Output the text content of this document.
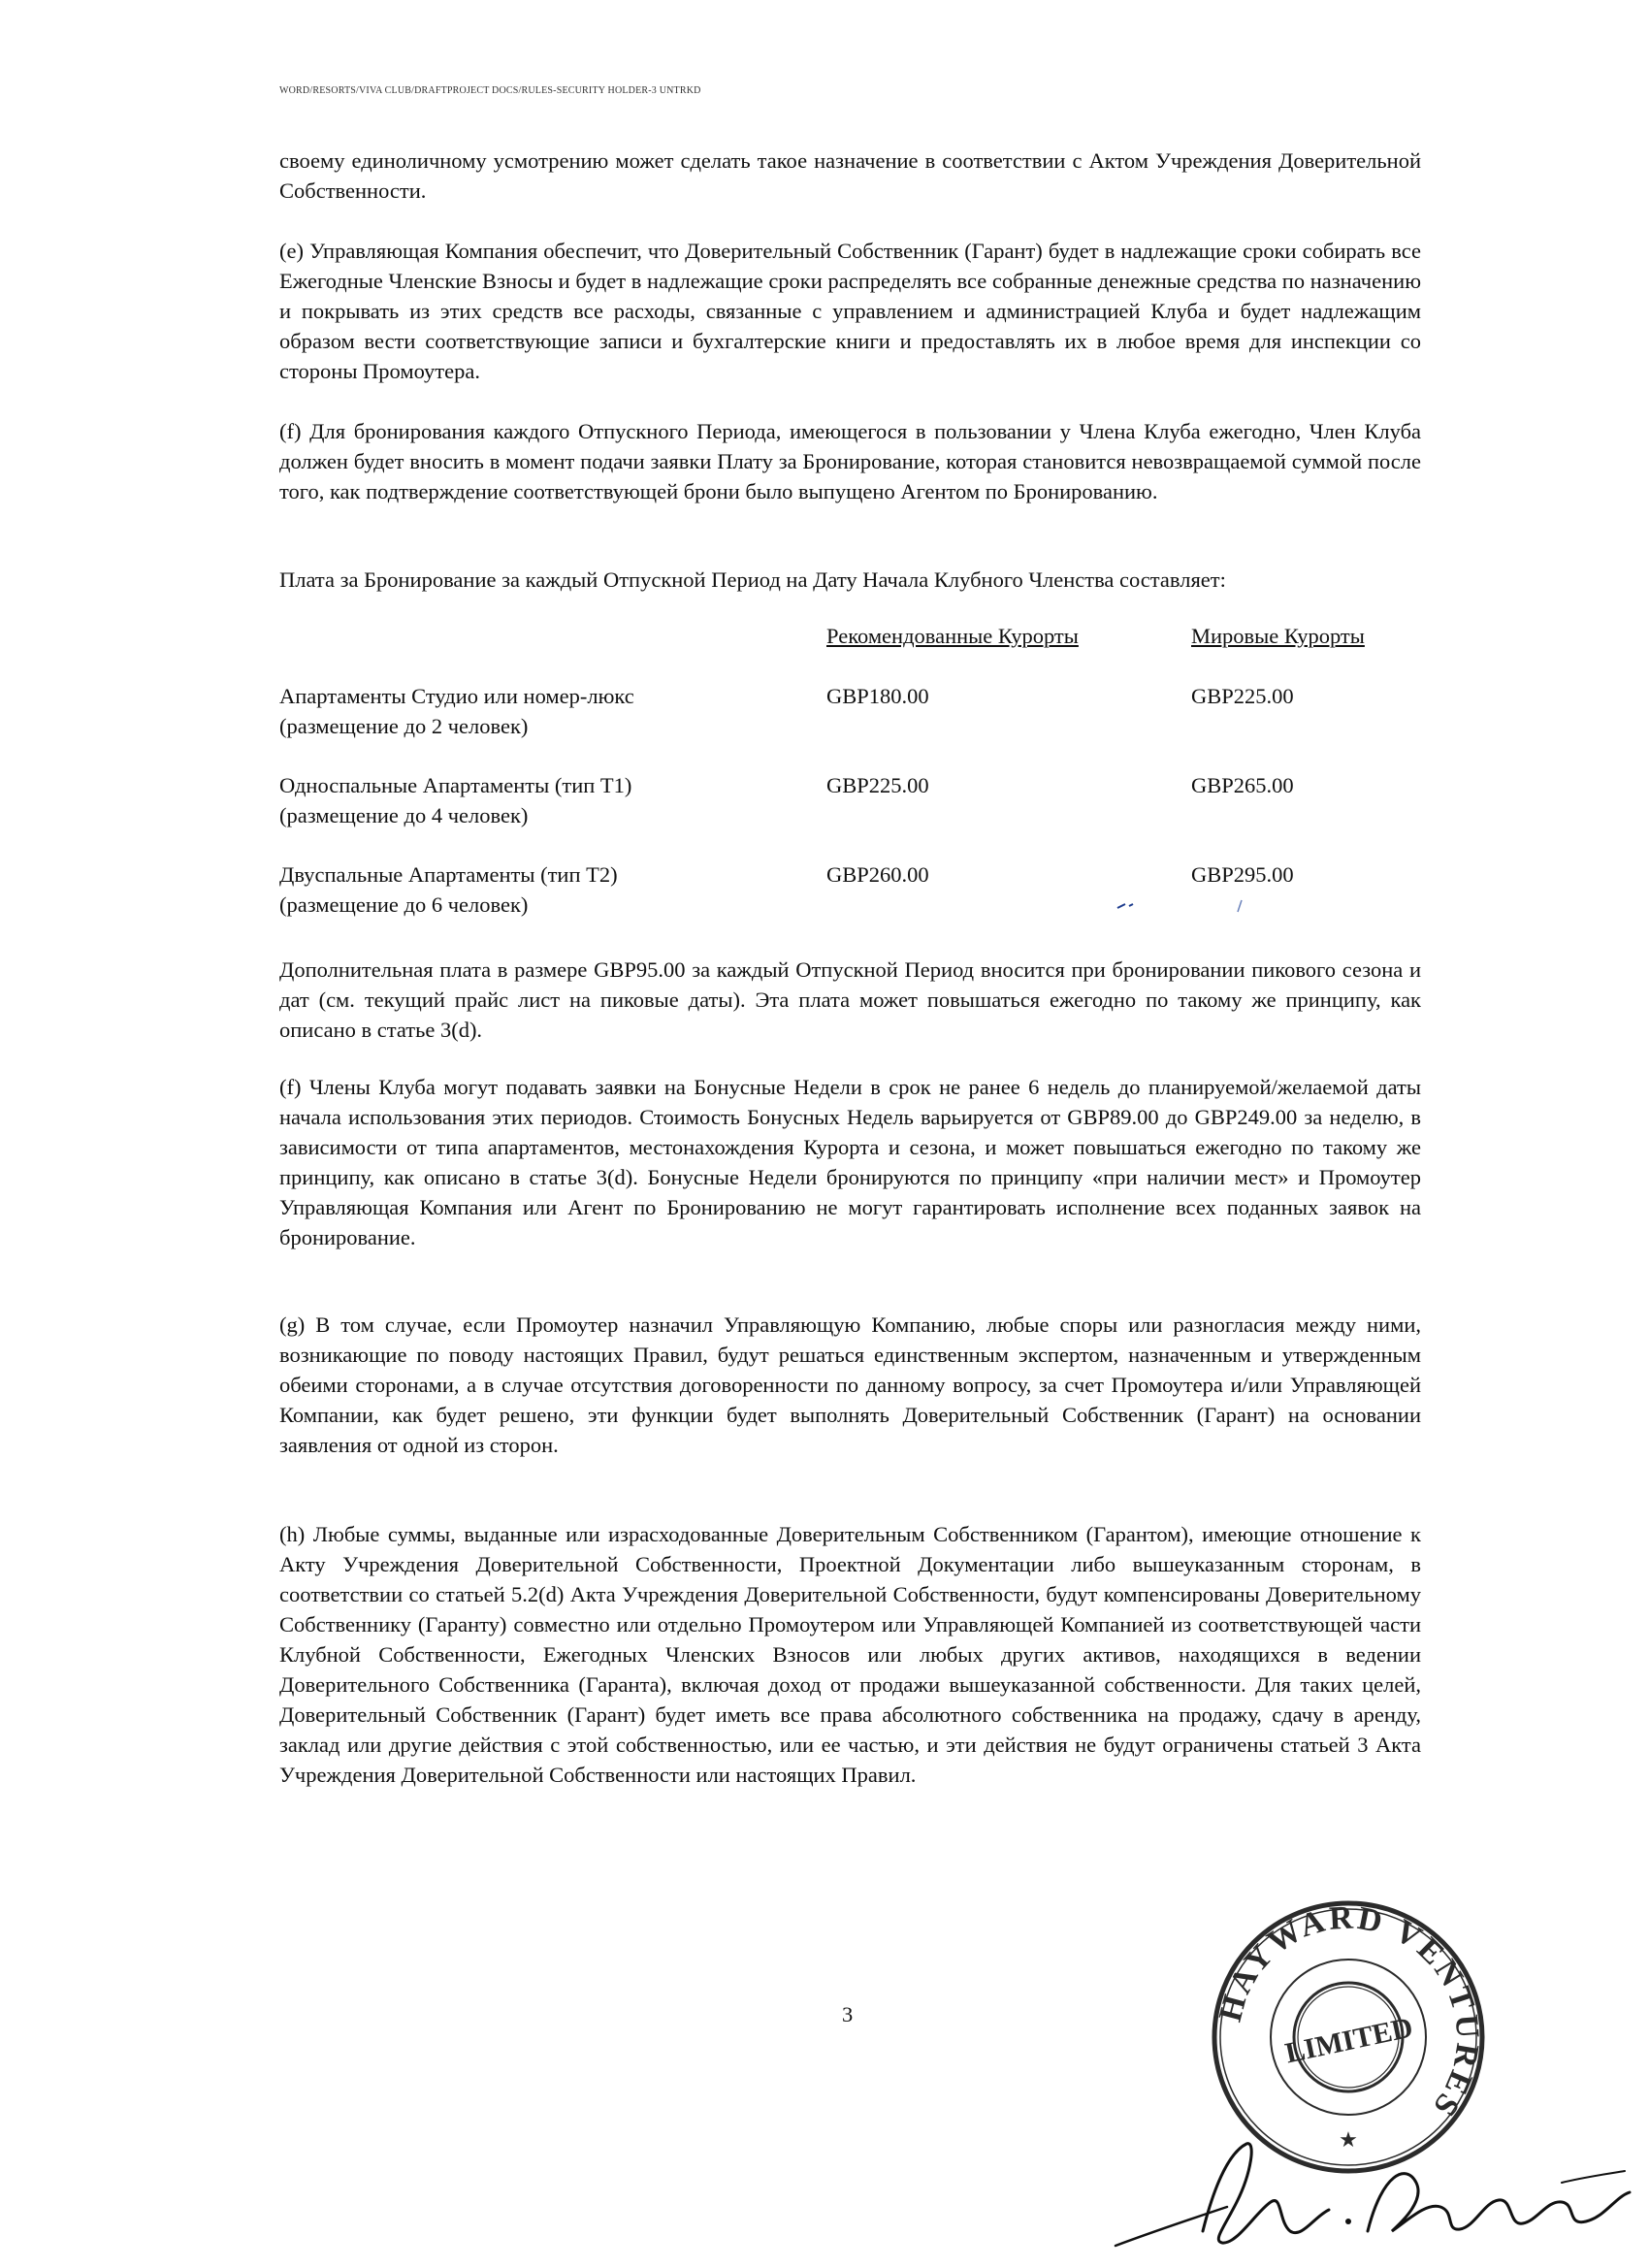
WORD/RESORTS/VIVA CLUB/DRAFTPROJECT DOCS/RULES-SECURITY HOLDER-3 UNTRKD

своему единоличному усмотрению может сделать такое назначение в соответствии с Актом Учреждения Доверительной Собственности.

(е) Управляющая Компания обеспечит, что Доверительный Собственник (Гарант) будет в надлежащие сроки собирать все Ежегодные Членские Взносы и будет в надлежащие сроки распределять все собранные денежные средства по назначению и покрывать из этих средств все расходы, связанные с управлением и администрацией Клуба и будет надлежащим образом вести соответствующие записи и бухгалтерские книги и предоставлять их в любое время для инспекции со стороны Промоутера.

(f) Для бронирования каждого Отпускного Периода, имеющегося в пользовании у Члена Клуба ежегодно, Член Клуба должен будет вносить в момент подачи заявки Плату за Бронирование, которая становится невозвращаемой суммой после того, как подтверждение соответствующей брони было выпущено Агентом по Бронированию.

Плата за Бронирование за каждый Отпускной Период на Дату Начала Клубного Членства составляет:

Рекомендованные Курорты	Мировые Курорты
Апартаменты Студио или номер-люкс
(размещение до 2 человек)
GBP180.00	GBP225.00
Односпальные Апартаменты (тип Т1)
(размещение до 4 человек)
GBP225.00	GBP265.00
Двуспальные Апартаменты (тип Т2)
(размещение до 6 человек)
GBP260.00	GBP295.00

Дополнительная плата в размере GBP95.00 за каждый Отпускной Период вносится при бронировании пикового сезона и дат (см. текущий прайс лист на пиковые даты). Эта плата может повышаться ежегодно по такому же принципу, как описано в статье 3(d).

(f) Члены Клуба могут подавать заявки на Бонусные Недели в срок не ранее 6 недель до планируемой/желаемой даты начала использования этих периодов. Стоимость Бонусных Недель варьируется от GBP89.00 до GBP249.00 за неделю, в зависимости от типа апартаментов, местонахождения Курорта и сезона, и может повышаться ежегодно по такому же принципу, как описано в статье 3(d). Бонусные Недели бронируются по принципу «при наличии мест» и Промоутер Управляющая Компания или Агент по Бронированию не могут гарантировать исполнение всех поданных заявок на бронирование.

(g) В том случае, если Промоутер назначил Управляющую Компанию, любые споры или разногласия между ними, возникающие по поводу настоящих Правил, будут решаться единственным экспертом, назначенным и утвержденным обеими сторонами, а в случае отсутствия договоренности по данному вопросу, за счет Промоутера и/или Управляющей Компании, как будет решено, эти функции будет выполнять Доверительный Собственник (Гарант) на основании заявления от одной из сторон.

(h) Любые суммы, выданные или израсходованные Доверительным Собственником (Гарантом), имеющие отношение к Акту Учреждения Доверительной Собственности, Проектной Документации либо вышеуказанным сторонам, в соответствии со статьей 5.2(d) Акта Учреждения Доверительной Собственности, будут компенсированы Доверительному Собственнику (Гаранту) совместно или отдельно Промоутером или Управляющей Компанией из соответствующей части Клубной Собственности, Ежегодных Членских Взносов или любых других активов, находящихся в ведении Доверительного Собственника (Гаранта), включая доход от продажи вышеуказанной собственности. Для таких целей, Доверительный Собственник (Гарант) будет иметь все права абсолютного собственника на продажу, сдачу в аренду, заклад или другие действия с этой собственностью, или ее частью, и эти действия не будут ограничены статьей 3 Акта Учреждения Доверительной Собственности или настоящих Правил.

3	HAYWARD VENTURES
LIMITED
★
